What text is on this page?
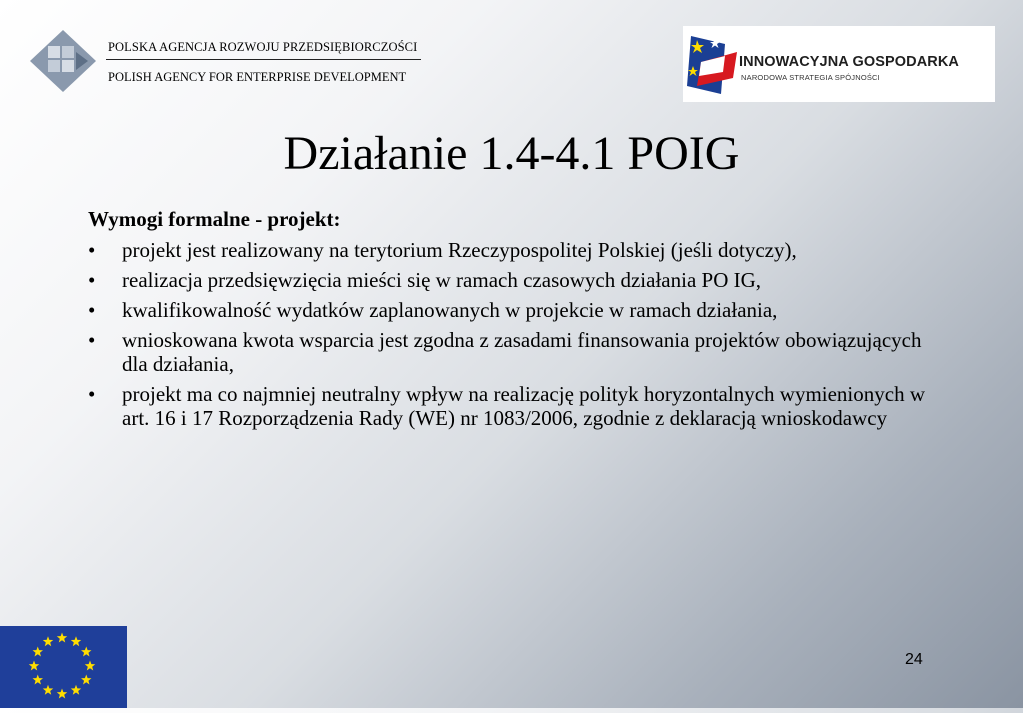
POLSKA AGENCJA ROZWOJU PRZEDSIĘBIORCZOŚCI
POLISH AGENCY FOR ENTERPRISE DEVELOPMENT
INNOWACYJNA GOSPODARKA
NARODOWA STRATEGIA SPÓJNOŚCI
Działanie 1.4-4.1 POIG
Wymogi formalne - projekt:
• projekt jest realizowany na terytorium Rzeczypospolitej Polskiej (jeśli dotyczy),
• realizacja przedsięwzięcia mieści się w ramach czasowych działania PO IG,
• kwalifikowalność wydatków zaplanowanych w projekcie w ramach działania,
• wnioskowana kwota wsparcia jest zgodna z zasadami finansowania projektów obowiązujących dla działania,
• projekt ma co najmniej neutralny wpływ na realizację polityk horyzontalnych wymienionych w art. 16 i 17 Rozporządzenia Rady (WE) nr 1083/2006, zgodnie z deklaracją wnioskodawcy
24
